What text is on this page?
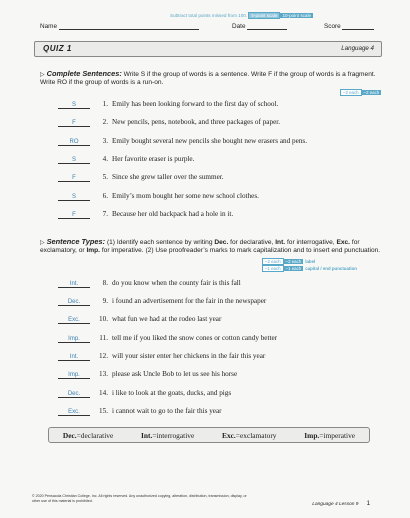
Subtract total points missed from 100. 5-point scale 10-point scale
Name	Date	Score
QUIZ 1	Language 4
▷ Complete Sentences: Write S if the group of words is a sentence. Write F if the group of words is a fragment. Write RO if the group of words is a run-on.
–2 each –2 each
S	1. Emily has been looking forward to the first day of school.
F	2. New pencils, pens, notebook, and three packages of paper.
RO	3. Emily bought several new pencils she bought new erasers and pens.
S	4. Her favorite eraser is purple.
F	5. Since she grew taller over the summer.
S	6. Emily’s mom bought her some new school clothes.
F	7. Because her old backpack had a hole in it.
▷ Sentence Types: (1) Identify each sentence by writing Dec. for declarative, Int. for interrogative, Exc. for exclamatory, or Imp. for imperative. (2) Use proofreader’s marks to mark capitalization and to insert end punctuation.
–2 each –2 each label
–1 each –1 each capital / end punctuation
Int.	8. do you know when the county fair is this fall
Dec.	9. i found an advertisement for the fair in the newspaper
Exc.	10. what fun we had at the rodeo last year
Imp.	11. tell me if you liked the snow cones or cotton candy better
Int.	12. will your sister enter her chickens in the fair this year
Imp.	13. please ask Uncle Bob to let us see his horse
Dec.	14. i like to look at the goats, ducks, and pigs
Exc.	15. i cannot wait to go to the fair this year
Dec.=declarative	Int.=interrogative	Exc.=exclamatory	Imp.=imperative
© 2020 Pensacola Christian College, Inc. All rights reserved. Any unauthorized copying, alteration, distribution, transmission, display, or other use of this material is prohibited.
Language 4 Lesson 9 1
